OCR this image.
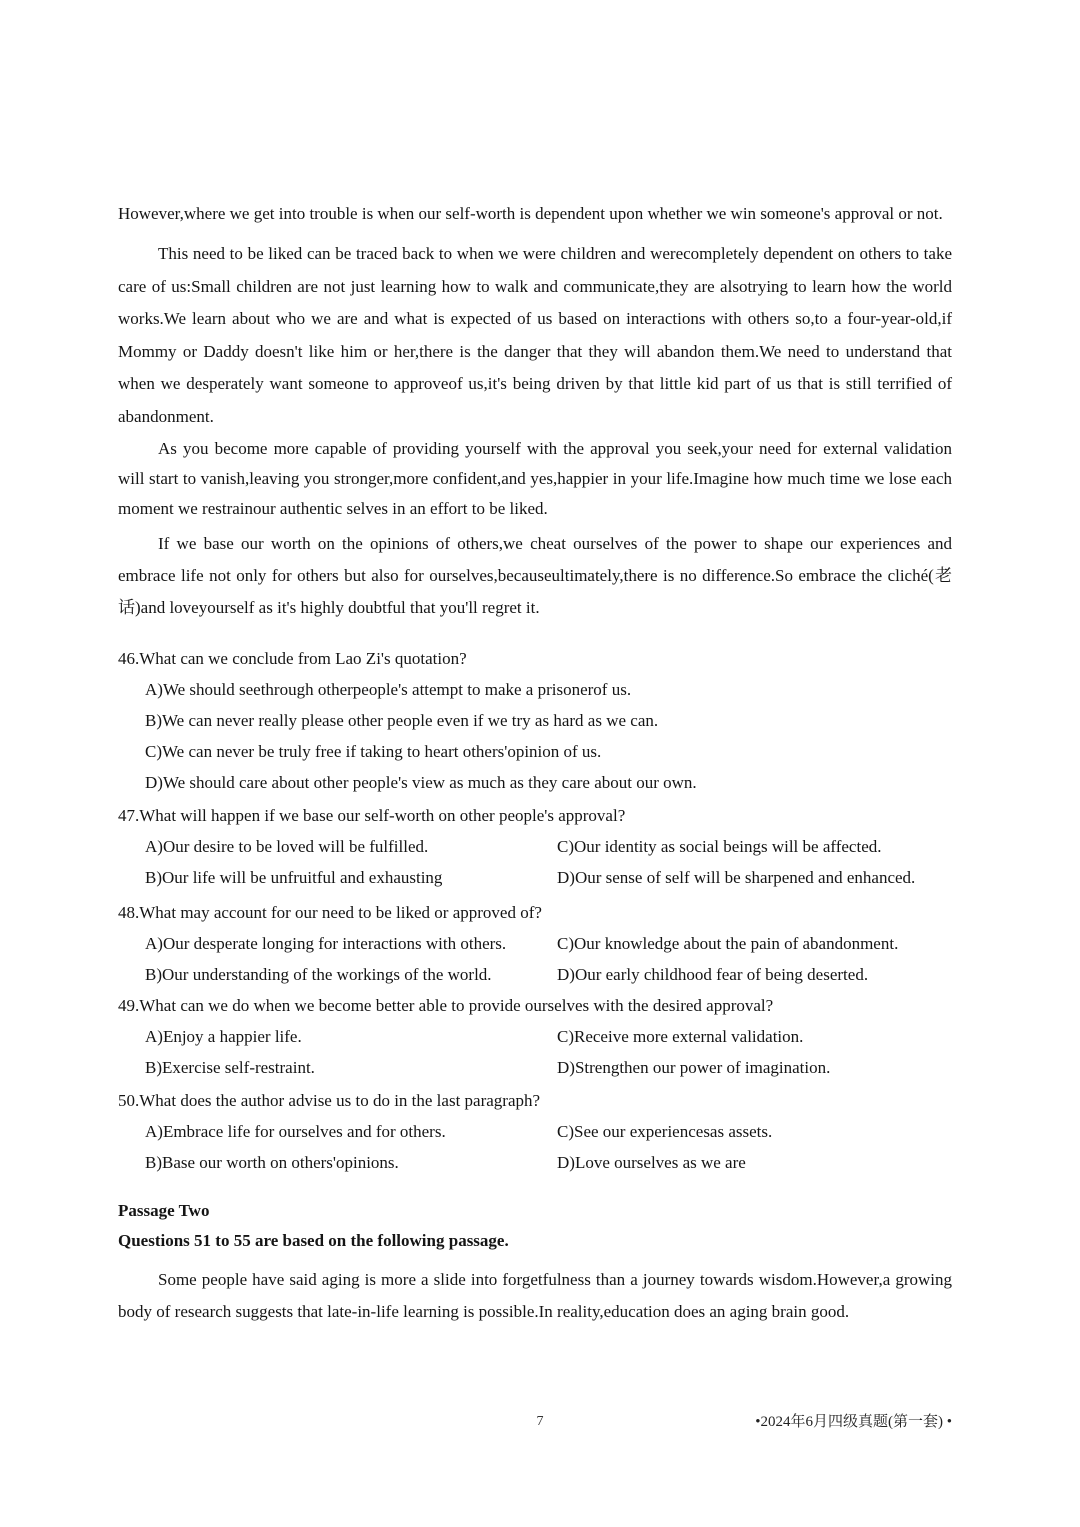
However,where we get into trouble is when our self-worth is dependent upon whether we win someone's approval or not.

This need to be liked can be traced back to when we were children and werecompletely dependent on others to take care of us:Small children are not just learning how to walk and communicate,they are alsotrying to learn how the world works.We learn about who we are and what is expected of us based on interactions with others so,to a four-year-old,if Mommy or Daddy doesn't like him or her,there is the danger that they will abandon them.We need to understand that when we desperately want someone to approveof us,it's being driven by that little kid part of us that is still terrified of abandonment.

As you become more capable of providing yourself with the approval you seek,your need for external validation will start to vanish,leaving you stronger,more confident,and yes,happier in your life.Imagine how much time we lose each moment we restrainour authentic selves in an effort to be liked.

If we base our worth on the opinions of others,we cheat ourselves of the power to shape our experiences and embrace life not only for others but also for ourselves,becauseultimately,there is no difference.So embrace the cliché(老话)and loveyourself as it's highly doubtful that you'll regret it.

46.What can we conclude from Lao Zi's quotation?
A)We should seethrough otherpeople's attempt to make a prisonerof us.
B)We can never really please other people even if we try as hard as we can.
C)We can never be truly free if taking to heart others'opinion of us.
D)We should care about other people's view as much as they care about our own.
47.What will happen if we base our self-worth on other people's approval?
A)Our desire to be loved will be fulfilled.	C)Our identity as social beings will be affected.
B)Our life will be unfruitful and exhausting	D)Our sense of self will be sharpened and enhanced.
48.What may account for our need to be liked or approved of?
A)Our desperate longing for interactions with others.	C)Our knowledge about the pain of abandonment.
B)Our understanding of the workings of the world.	D)Our early childhood fear of being deserted.
49.What can we do when we become better able to provide ourselves with the desired approval?
A)Enjoy a happier life.	C)Receive more external validation.
B)Exercise self-restraint.	D)Strengthen our power of imagination.
50.What does the author advise us to do in the last paragraph?
A)Embrace life for ourselves and for others.	C)See our experiencesas assets.
B)Base our worth on others'opinions.	D)Love ourselves as we are
Passage Two
Questions 51 to 55 are based on the following passage.

Some people have said aging is more a slide into forgetfulness than a journey towards wisdom.However,a growing body of research suggests that late-in-life learning is possible.In reality,education does an aging brain good.

7	•2024年6月四级真题(第一套) •
